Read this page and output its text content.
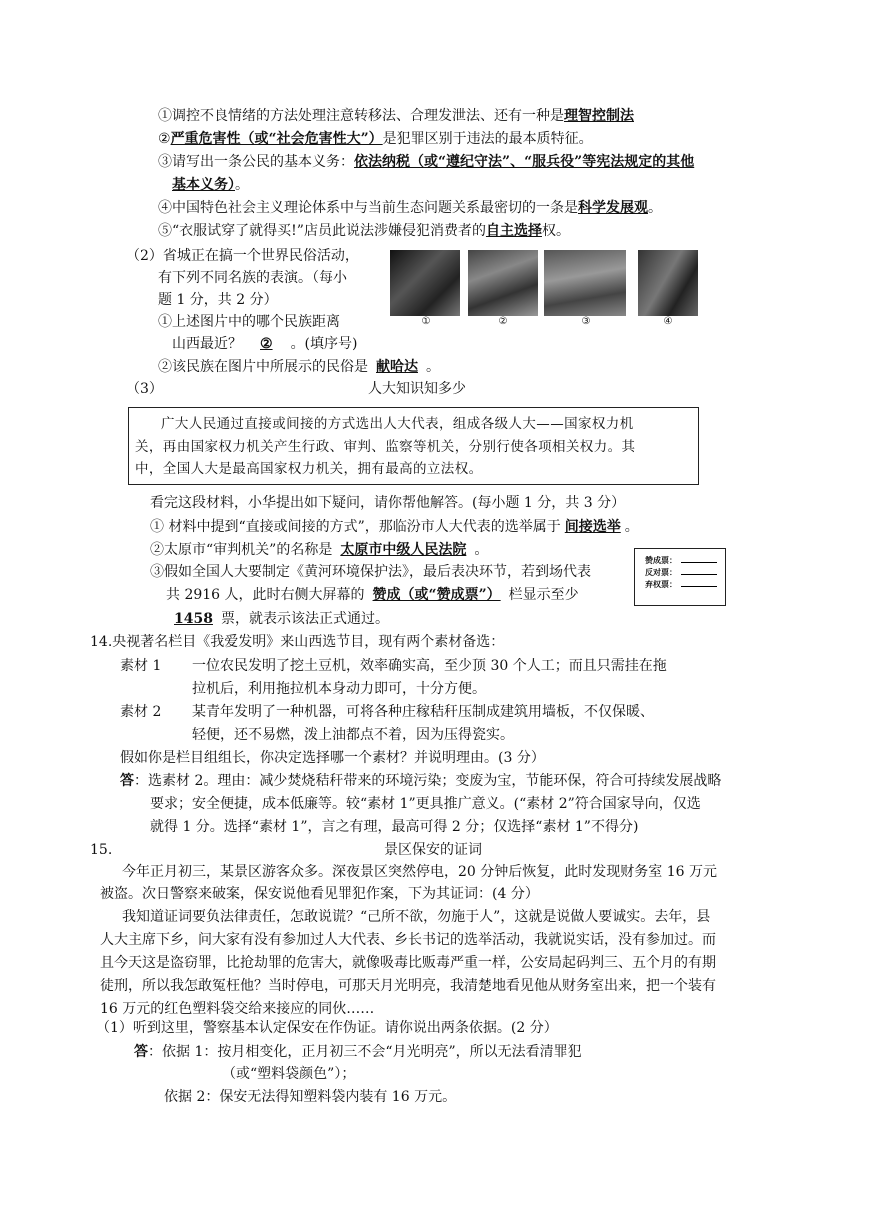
①调控不良情绪的方法处理注意转移法、合理发泄法、还有一种是理智控制法
②严重危害性（或“社会危害性大”）是犯罪区别于违法的最本质特征。
③请写出一条公民的基本义务：依法纳税（或“遵纪守法”、“服兵役”等宪法规定的其他
基本义务）。
④中国特色社会主义理论体系中与当前生态问题关系最密切的一条是科学发展观。
⑤“衣服试穿了就得买!”店员此说法涉嫌侵犯消费者的自主选择权。
（2）省城正在搞一个世界民俗活动，
有下列不同名族的表演。（每小
题 1 分，共 2 分）
①上述图片中的哪个民族距离
山西最近？ ② 。(填序号)
②该民族在图片中所展示的民俗是 献哈达 。
①	②	③	④
（3）	人大知识知多少
广大人民通过直接或间接的方式选出人大代表，组成各级人大——国家权力机
关，再由国家权力机关产生行政、审判、监察等机关，分别行使各项相关权力。其
中，全国人大是最高国家权力机关，拥有最高的立法权。
看完这段材料，小华提出如下疑问，请你帮他解答。(每小题 1 分，共 3 分）
① 材料中提到“直接或间接的方式”，那临汾市人大代表的选举属于 间接选举 。
②太原市“审判机关”的名称是 太原市中级人民法院 。
③假如全国人大要制定《黄河环境保护法》，最后表决环节，若到场代表
共 2916 人，此时右侧大屏幕的 赞成（或“赞成票”） 栏显示至少
1458 票，就表示该法正式通过。
赞成票：
反对票：
弃权票：
14.央视著名栏目《我爱发明》来山西选节目，现有两个素材备选：
素材 1 一位农民发明了挖土豆机，效率确实高，至少顶 30 个人工；而且只需挂在拖
拉机后，利用拖拉机本身动力即可，十分方便。
素材 2 某青年发明了一种机器，可将各种庄稼秸秆压制成建筑用墙板，不仅保暖、
轻便，还不易燃，泼上油都点不着，因为压得瓷实。
假如你是栏目组组长，你决定选择哪一个素材？并说明理由。(3 分）
答：选素材 2。理由：减少焚烧秸秆带来的环境污染；变废为宝，节能环保，符合可持续发展战略
要求；安全便捷，成本低廉等。较“素材 1”更具推广意义。(“素材 2”符合国家导向，仅选
就得 1 分。选择“素材 1”，言之有理，最高可得 2 分；仅选择“素材 1”不得分)
15.	景区保安的证词
今年正月初三，某景区游客众多。深夜景区突然停电，20 分钟后恢复，此时发现财务室 16 万元
被盗。次日警察来破案，保安说他看见罪犯作案，下为其证词：(4 分）
我知道证词要负法律责任，怎敢说谎？“己所不欲，勿施于人”，这就是说做人要诚实。去年，县
人大主席下乡，问大家有没有参加过人大代表、乡长书记的选举活动，我就说实话，没有参加过。而
且今天这是盗窃罪，比抢劫罪的危害大，就像吸毒比贩毒严重一样，公安局起码判三、五个月的有期
徒刑，所以我怎敢冤枉他？当时停电，可那天月光明亮，我清楚地看见他从财务室出来，把一个装有
16 万元的红色塑料袋交给来接应的同伙……
（1）听到这里，警察基本认定保安在作伪证。请你说出两条依据。(2 分）
答：依据 1：按月相变化，正月初三不会“月光明亮”，所以无法看清罪犯
（或“塑料袋颜色”）；
依据 2：保安无法得知塑料袋内装有 16 万元。
